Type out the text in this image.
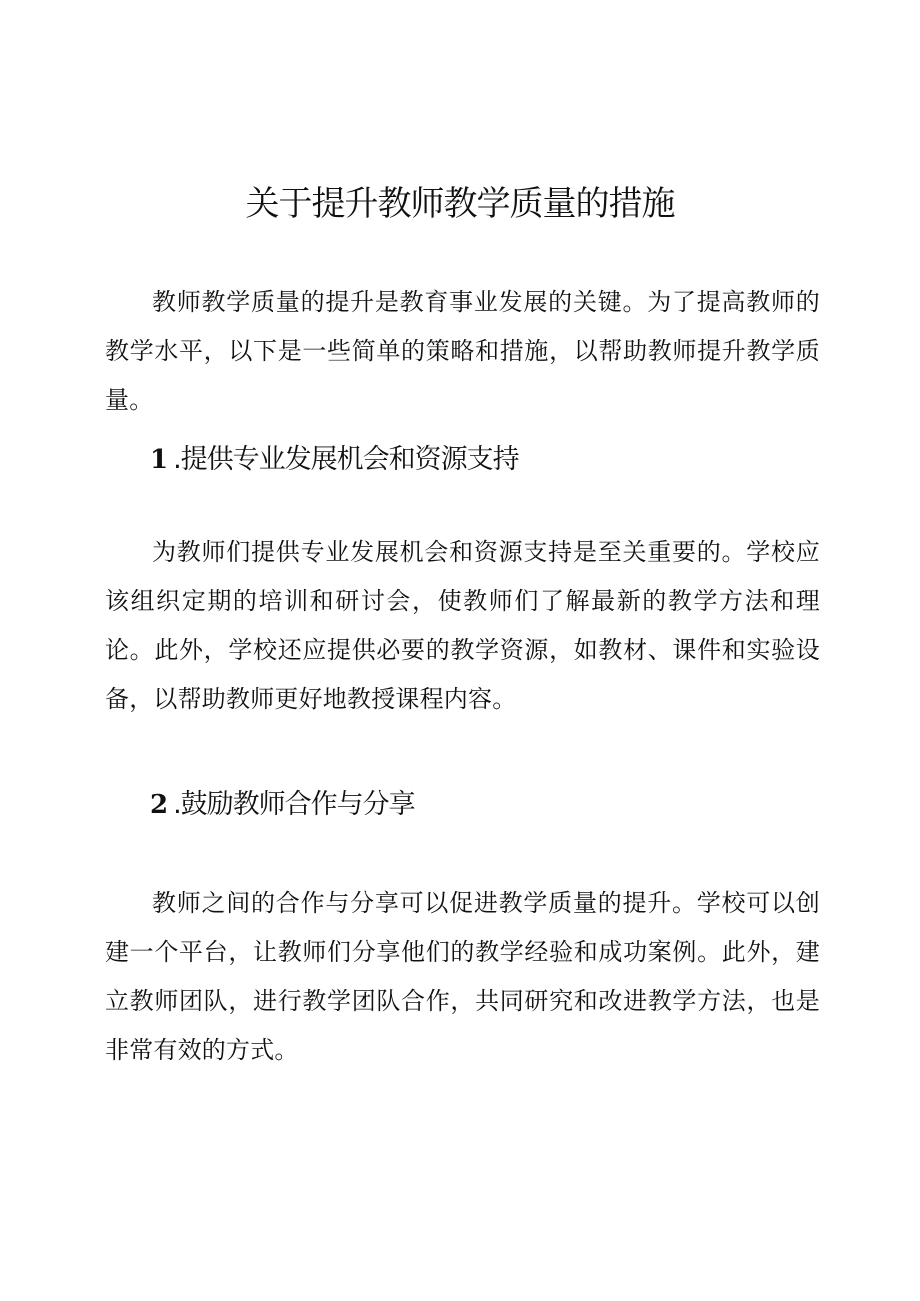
关于提升教师教学质量的措施

教师教学质量的提升是教育事业发展的关键。为了提高教师的教学水平，以下是一些简单的策略和措施，以帮助教师提升教学质量。

1 .提供专业发展机会和资源支持

为教师们提供专业发展机会和资源支持是至关重要的。学校应该组织定期的培训和研讨会，使教师们了解最新的教学方法和理论。此外，学校还应提供必要的教学资源，如教材、课件和实验设备，以帮助教师更好地教授课程内容。

2 .鼓励教师合作与分享

教师之间的合作与分享可以促进教学质量的提升。学校可以创建一个平台，让教师们分享他们的教学经验和成功案例。此外，建立教师团队，进行教学团队合作，共同研究和改进教学方法，也是非常有效的方式。
